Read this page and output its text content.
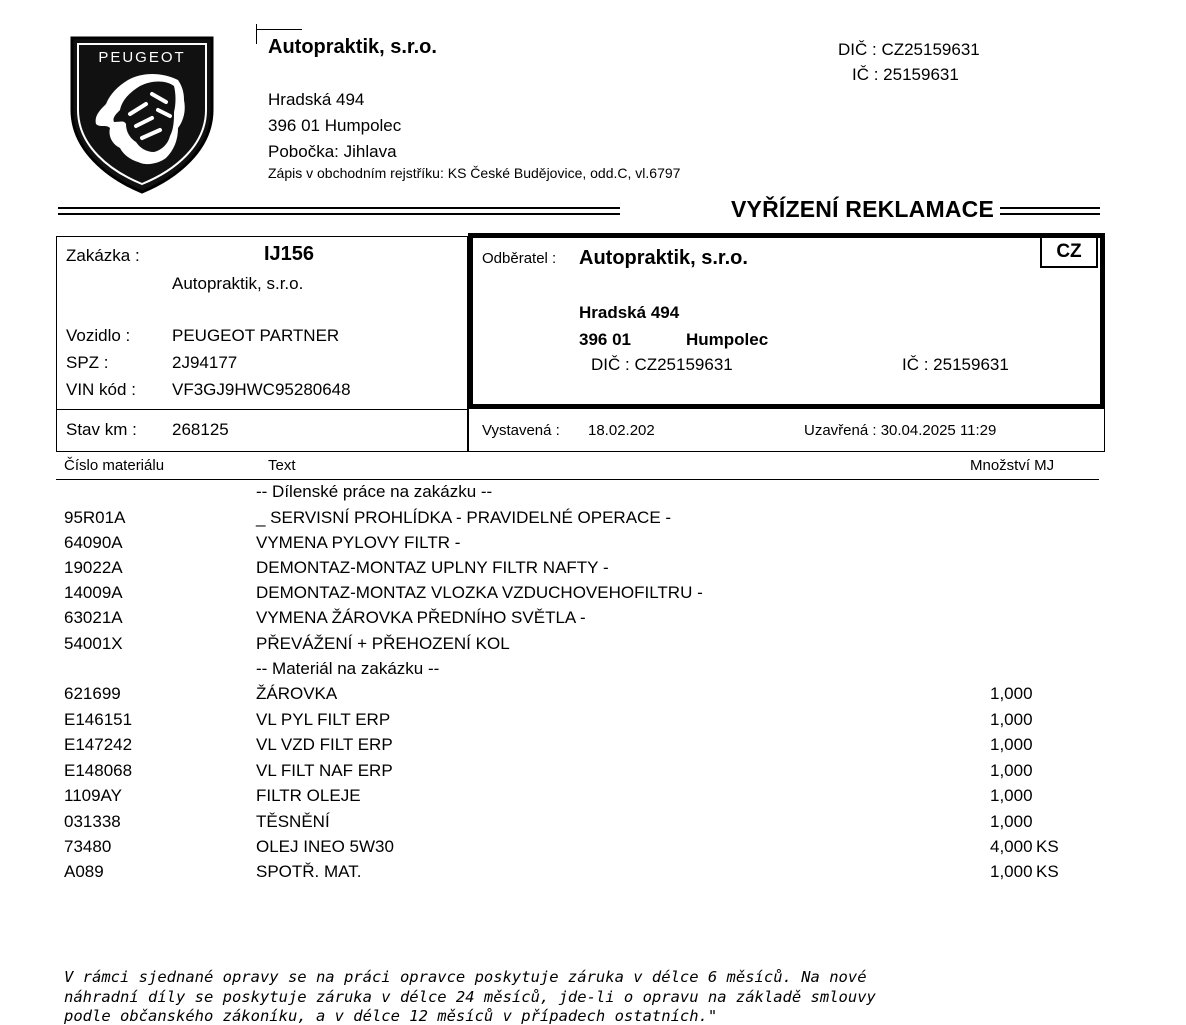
PEUGEOT	Autopraktik, s.r.o.
Hradská 494
396 01 Humpolec
Pobočka: Jihlava
Zápis v obchodním rejstříku: KS České Budějovice, odd.C, vl.6797
DIČ : CZ25159631
IČ : 25159631
VYŘÍZENÍ REKLAMACE
Zakázka :	IJ156
Autopraktik, s.r.o.
Vozidlo : PEUGEOT PARTNER
SPZ :	2J94177
VIN kód : VF3GJ9HWC95280648
Stav km : 268125
CZ
Odběratel : Autopraktik, s.r.o.
Hradská 494
396 01	Humpolec
DIČ : CZ25159631	IČ : 25159631
Vystavená : 18.02.202	Uzavřená : 30.04.2025 11:29
Číslo materiálu	Text	Množství MJ
-- Dílenské práce na zakázku --
95R01A	_ SERVISNÍ PROHLÍDKA - PRAVIDELNÉ OPERACE -
64090A	VYMENA PYLOVY FILTR -
19022A	DEMONTAZ-MONTAZ UPLNY FILTR NAFTY -
14009A	DEMONTAZ-MONTAZ VLOZKA VZDUCHOVEHOFILTRU -
63021A	VYMENA ŽÁROVKA PŘEDNÍHO SVĚTLA -
54001X	PŘEVÁŽENÍ + PŘEHOZENÍ KOL
-- Materiál na zakázku --
621699	ŽÁROVKA	1,000
E146151	VL PYL FILT ERP	1,000
E147242	VL VZD FILT ERP	1,000
E148068	VL FILT NAF ERP	1,000
1109AY	FILTR OLEJE	1,000
031338	TĚSNĚNÍ	1,000
73480	OLEJ INEO 5W30	4,000 KS
A089	SPOTŘ. MAT.	1,000 KS
V rámci sjednané opravy se na práci opravce poskytuje záruka v délce 6 měsíců. Na nové
náhradní díly se poskytuje záruka v délce 24 měsíců, jde-li o opravu na základě smlouvy
podle občanského zákoníku, a v délce 12 měsíců v případech ostatních."
